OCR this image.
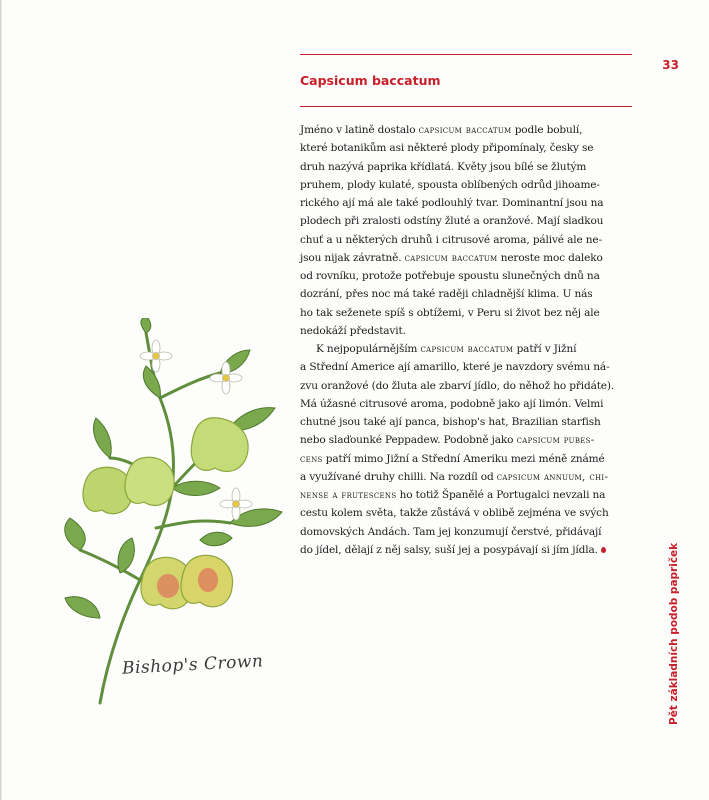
33
Capsicum baccatum

Jméno v latině dostalo capsicum baccatum podle bobulí,
které botanikům asi některé plody připomínaly, česky se
druh nazývá paprika křídlatá. Květy jsou bílé se žlutým
pruhem, plody kulaté, spousta oblíbených odrůd jihoame-
rického ají má ale také podlouhlý tvar. Dominantní jsou na
plodech při zralosti odstíny žluté a oranžové. Mají sladkou
chuť a u některých druhů i citrusové aroma, pálivé ale ne-
jsou nijak závratně. capsicum baccatum neroste moc daleko
od rovníku, protože potřebuje spoustu slunečných dnů na
dozrání, přes noc má také raději chladnější klima. U nás
ho tak seženete spíš s obtížemi, v Peru si život bez něj ale
nedokáží představit.

K nejpopulárnějším capsicum baccatum patří v Jižní
a Střední Americe ají amarillo, které je navzdory svému ná-
zvu oranžové (do žluta ale zbarví jídlo, do něhož ho přidáte).
Má úžasné citrusové aroma, podobně jako ají limón. Velmi
chutné jsou také ají panca, bishop's hat, Brazilian starfish
nebo slaďounké Peppadew. Podobně jako capsicum pubes-
cens patří mimo Jižní a Střední Ameriku mezi méně známé
a využívané druhy chilli. Na rozdíl od capsicum annuum, chi-
nense a frutescens ho totiž Španělé a Portugalci nevzali na
cestu kolem světa, takže zůstává v oblibě zejména ve svých
domovských Andách. Tam jej konzumují čerstvé, přidávají
do jídel, dělají z něj salsy, suší jej a posypávají si jím jídla.

Bishop's Crown	Pět základních podob papriček
